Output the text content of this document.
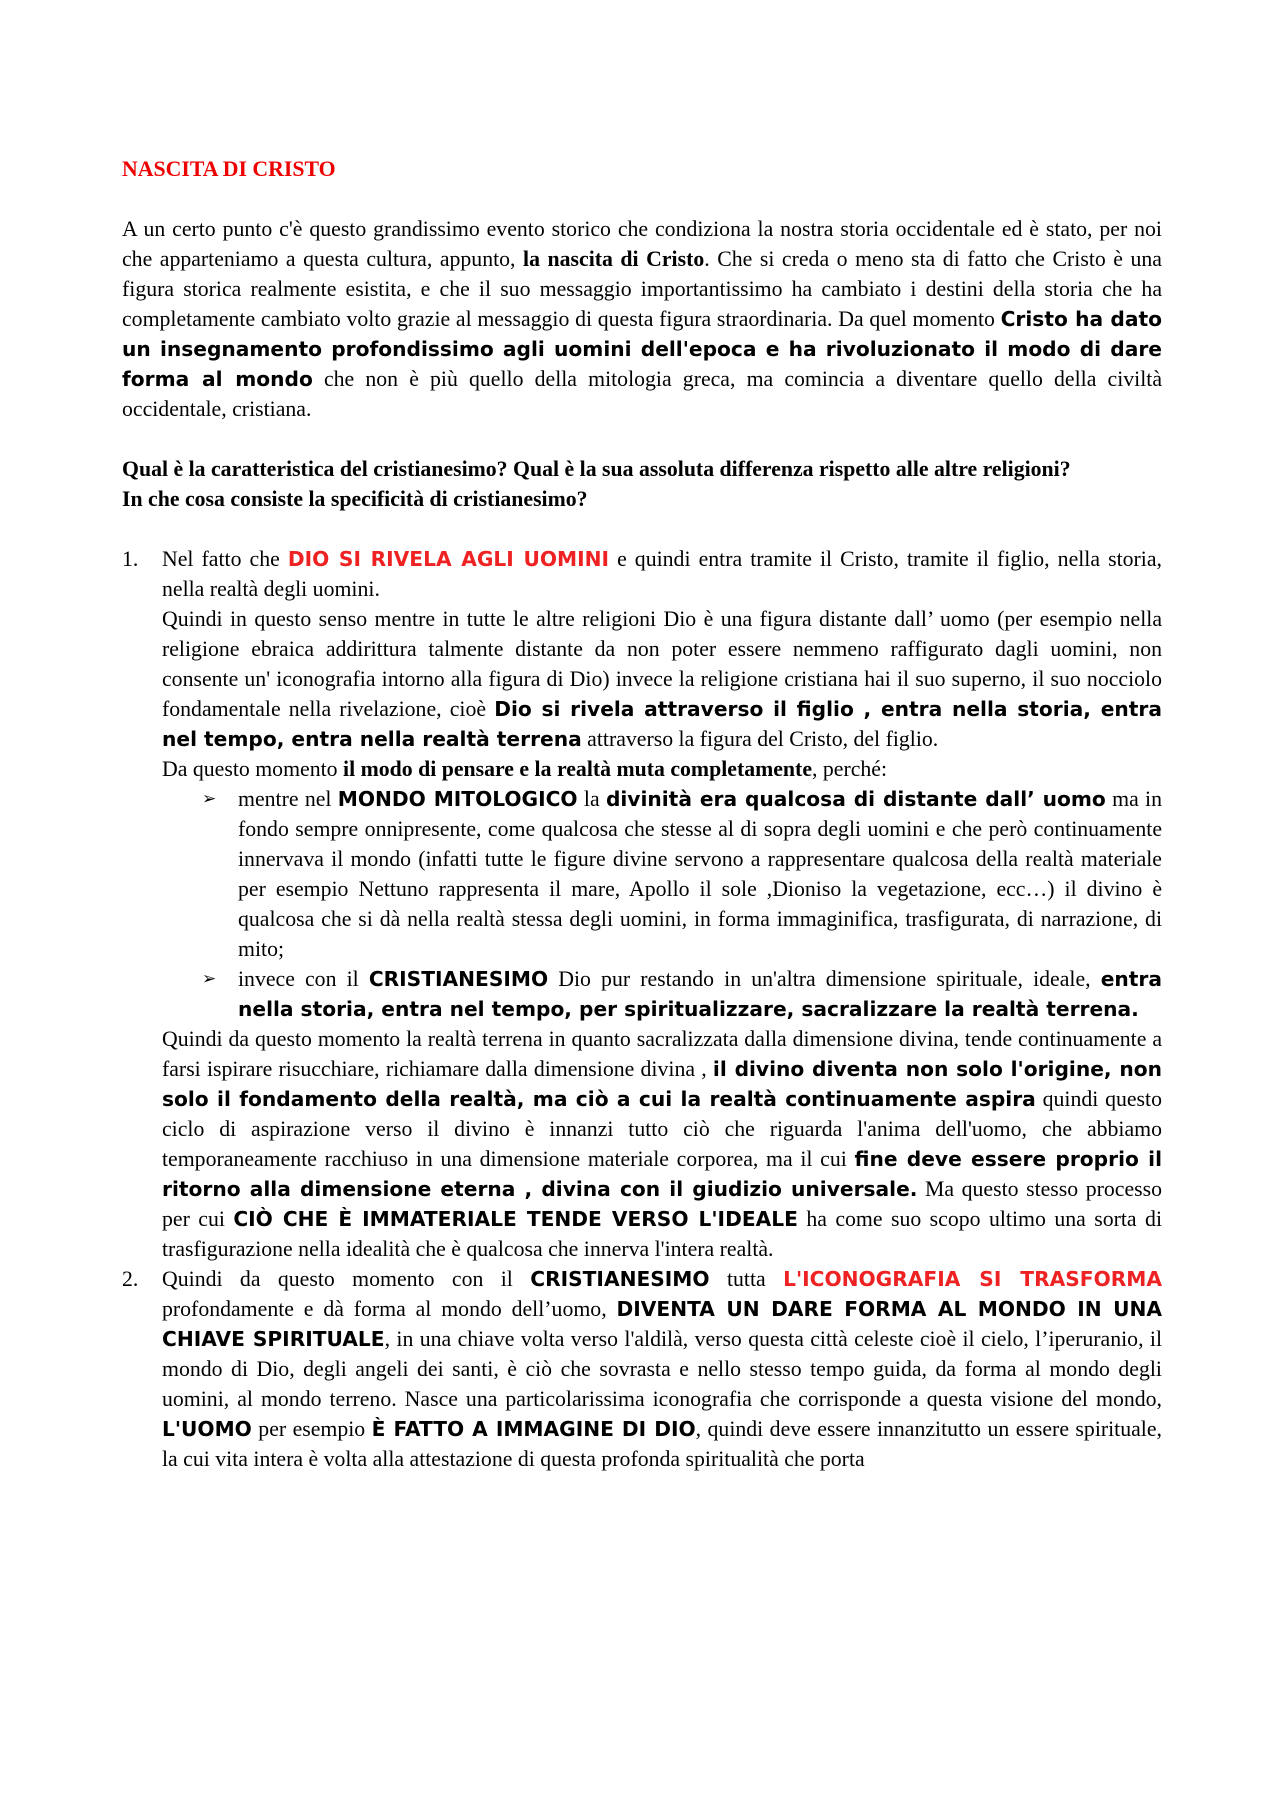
NASCITA DI CRISTO

A un certo punto c'è questo grandissimo evento storico che condiziona la nostra storia occidentale ed è stato, per noi che apparteniamo a questa cultura, appunto, la nascita di Cristo. Che si creda o meno sta di fatto che Cristo è una figura storica realmente esistita, e che il suo messaggio importantissimo ha cambiato i destini della storia che ha completamente cambiato volto grazie al messaggio di questa figura straordinaria. Da quel momento Cristo ha dato un insegnamento profondissimo agli uomini dell'epoca e ha rivoluzionato il modo di dare forma al mondo che non è più quello della mitologia greca, ma comincia a diventare quello della civiltà occidentale, cristiana.

Qual è la caratteristica del cristianesimo? Qual è la sua assoluta differenza rispetto alle altre religioni?
In che cosa consiste la specificità di cristianesimo?
1. Nel fatto che DIO SI RIVELA AGLI UOMINI e quindi entra tramite il Cristo, tramite il figlio, nella storia, nella realtà degli uomini.

Quindi in questo senso mentre in tutte le altre religioni Dio è una figura distante dall’ uomo (per esempio nella religione ebraica addirittura talmente distante da non poter essere nemmeno raffigurato dagli uomini, non consente un' iconografia intorno alla figura di Dio) invece la religione cristiana hai il suo superno, il suo nocciolo fondamentale nella rivelazione, cioè Dio si rivela attraverso il figlio , entra nella storia, entra nel tempo, entra nella realtà terrena attraverso la figura del Cristo, del figlio.

Da questo momento il modo di pensare e la realtà muta completamente, perché:

➢ mentre nel MONDO MITOLOGICO la divinità era qualcosa di distante dall’ uomo ma in fondo sempre onnipresente, come qualcosa che stesse al di sopra degli uomini e che però continuamente innervava il mondo (infatti tutte le figure divine servono a rappresentare qualcosa della realtà materiale per esempio Nettuno rappresenta il mare, Apollo il sole ,Dioniso la vegetazione, ecc…) il divino è qualcosa che si dà nella realtà stessa degli uomini, in forma immaginifica, trasfigurata, di narrazione, di mito;

➢ invece con il CRISTIANESIMO Dio pur restando in un'altra dimensione spirituale, ideale, entra nella storia, entra nel tempo, per spiritualizzare, sacralizzare la realtà terrena.

Quindi da questo momento la realtà terrena in quanto sacralizzata dalla dimensione divina, tende continuamente a farsi ispirare risucchiare, richiamare dalla dimensione divina , il divino diventa non solo l'origine, non solo il fondamento della realtà, ma ciò a cui la realtà continuamente aspira quindi questo ciclo di aspirazione verso il divino è innanzi tutto ciò che riguarda l'anima dell'uomo, che abbiamo temporaneamente racchiuso in una dimensione materiale corporea, ma il cui fine deve essere proprio il ritorno alla dimensione eterna , divina con il giudizio universale. Ma questo stesso processo per cui CIÒ CHE È IMMATERIALE TENDE VERSO L'IDEALE ha come suo scopo ultimo una sorta di trasfigurazione nella idealità che è qualcosa che innerva l'intera realtà.

2. Quindi da questo momento con il CRISTIANESIMO tutta L'ICONOGRAFIA SI TRASFORMA profondamente e dà forma al mondo dell’uomo, DIVENTA UN DARE FORMA AL MONDO IN UNA CHIAVE SPIRITUALE, in una chiave volta verso l'aldilà, verso questa città celeste cioè il cielo, l’iperuranio, il mondo di Dio, degli angeli dei santi, è ciò che sovrasta e nello stesso tempo guida, da forma al mondo degli uomini, al mondo terreno. Nasce una particolarissima iconografia che corrisponde a questa visione del mondo, L'UOMO per esempio È FATTO A IMMAGINE DI DIO, quindi deve essere innanzitutto un essere spirituale, la cui vita intera è volta alla attestazione di questa profonda spiritualità che porta
